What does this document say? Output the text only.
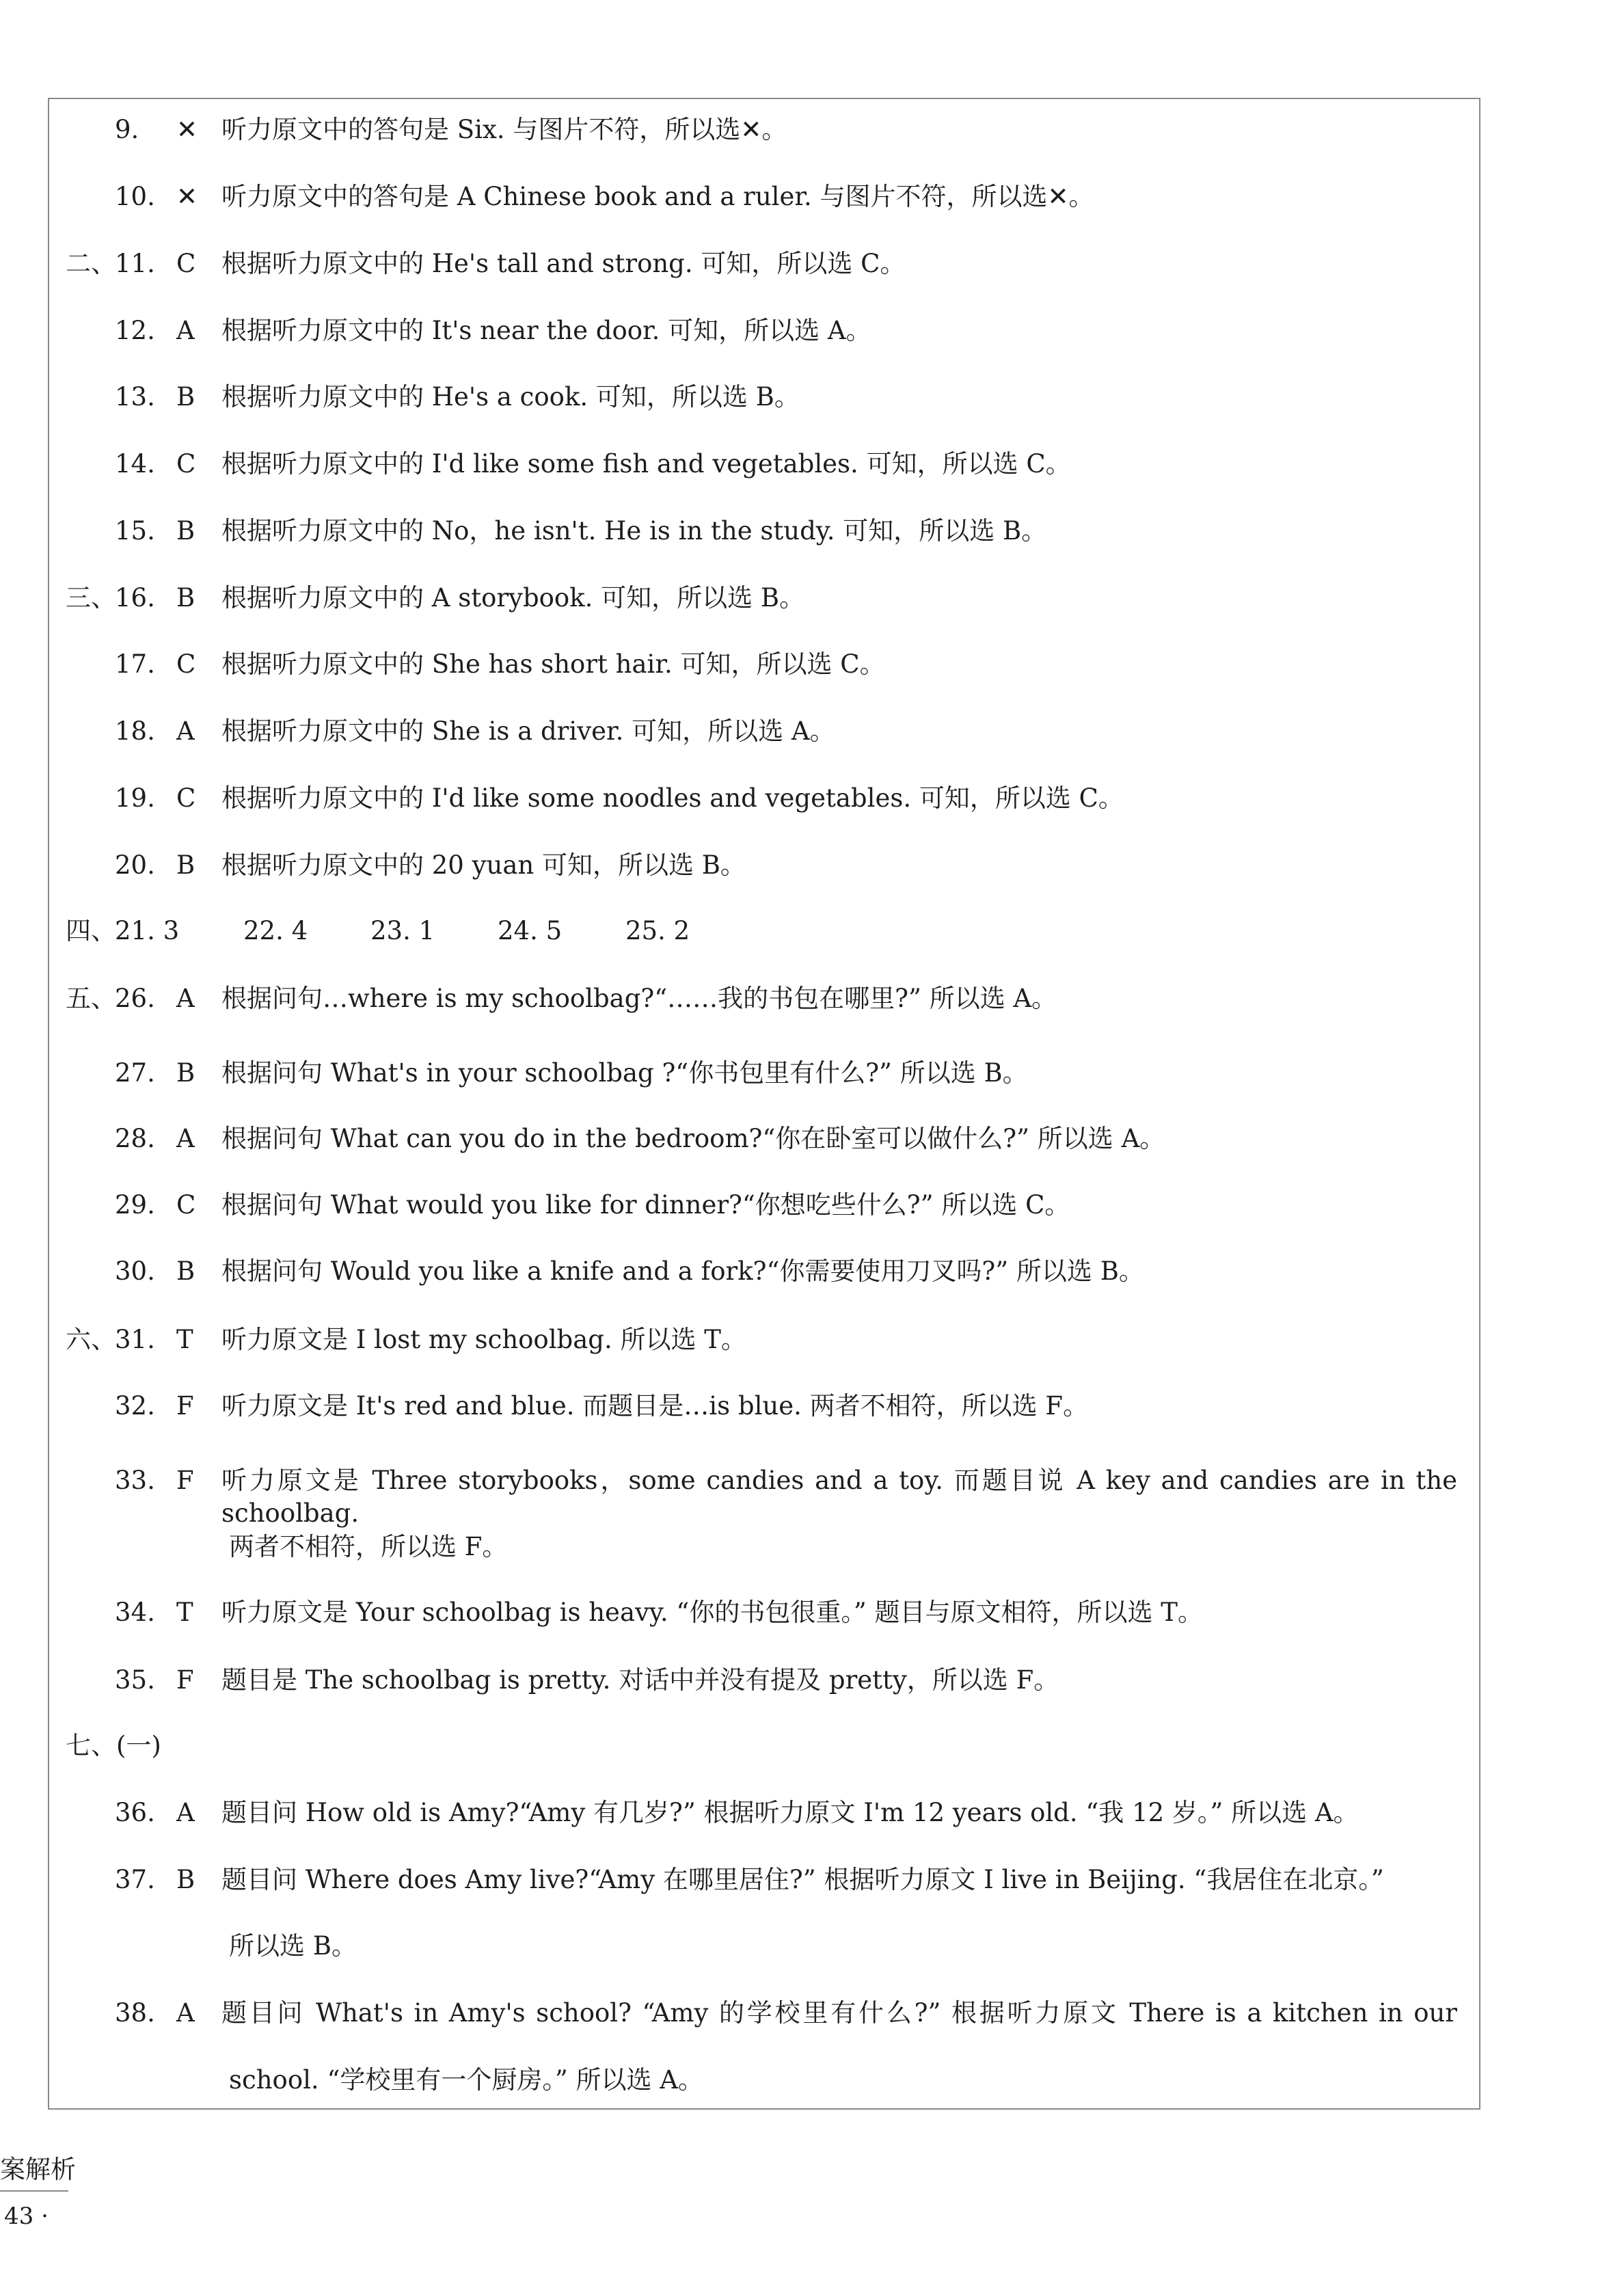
9. ✕ 听力原文中的答句是 Six. 与图片不符，所以选✕。
10. ✕ 听力原文中的答句是 A Chinese book and a ruler. 与图片不符，所以选✕。
二、
11. C 根据听力原文中的 He's tall and strong. 可知，所以选 C。
12. A 根据听力原文中的 It's near the door. 可知，所以选 A。
13. B 根据听力原文中的 He's a cook. 可知，所以选 B。
14. C 根据听力原文中的 I'd like some fish and vegetables. 可知，所以选 C。
15. B 根据听力原文中的 No，he isn't. He is in the study. 可知，所以选 B。
三、
16. B 根据听力原文中的 A storybook. 可知，所以选 B。
17. C 根据听力原文中的 She has short hair. 可知，所以选 C。
18. A 根据听力原文中的 She is a driver. 可知，所以选 A。
19. C 根据听力原文中的 I'd like some noodles and vegetables. 可知，所以选 C。
20. B 根据听力原文中的 20 yuan 可知，所以选 B。
四、
21. 3	22. 4 23. 1 24. 5	25. 2
五、
26. A 根据问句…where is my schoolbag?“……我的书包在哪里?” 所以选 A。
27. B 根据问句 What's in your schoolbag ?“你书包里有什么?” 所以选 B。
28. A 根据问句 What can you do in the bedroom?“你在卧室可以做什么?” 所以选 A。
29. C 根据问句 What would you like for dinner?“你想吃些什么?” 所以选 C。
30. B 根据问句 Would you like a knife and a fork?“你需要使用刀叉吗?” 所以选 B。
六、
31. T 听力原文是 I lost my schoolbag. 所以选 T。
32. F 听力原文是 It's red and blue. 而题目是…is blue. 两者不相符，所以选 F。
33. F 听力原文是 Three storybooks，some candies and a toy. 而题目说 A key and candies are in the schoolbag.
两者不相符，所以选 F。
34. T 听力原文是 Your schoolbag is heavy. “你的书包很重。” 题目与原文相符，所以选 T。
35. F 题目是 The schoolbag is pretty. 对话中并没有提及 pretty，所以选 F。
七、(一)
36. A 题目问 How old is Amy?“Amy 有几岁?” 根据听力原文 I'm 12 years old. “我 12 岁。” 所以选 A。
37. B 题目问 Where does Amy live?“Amy 在哪里居住?” 根据听力原文 I live in Beijing. “我居住在北京。”
所以选 B。
38. A 题目问 What's in Amy's school? “Amy 的学校里有什么?” 根据听力原文 There is a kitchen in our
school. “学校里有一个厨房。” 所以选 A。
案解析
43 ·
